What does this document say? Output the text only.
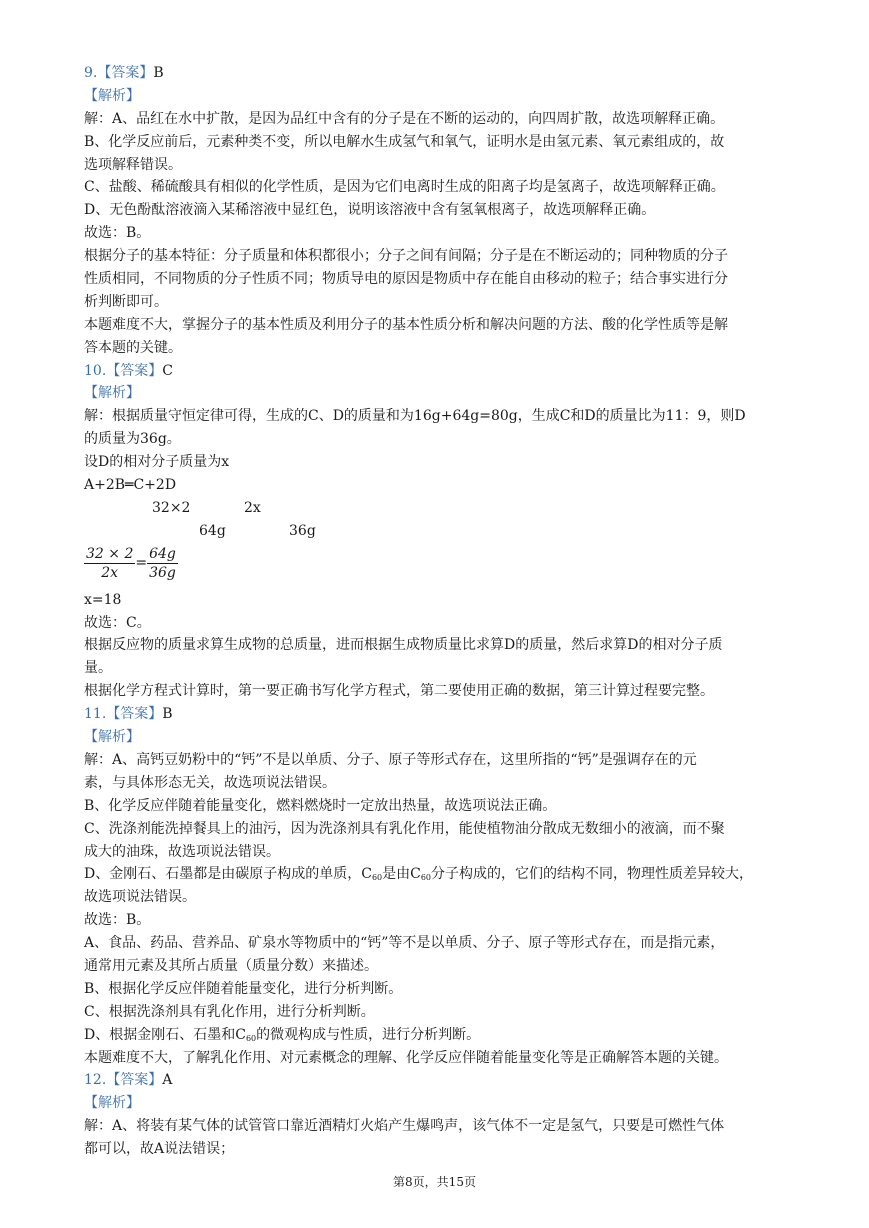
9.【答案】B
【解析】
解：A、品红在水中扩散，是因为品红中含有的分子是在不断的运动的，向四周扩散，故选项解释正确。
B、化学反应前后，元素种类不变，所以电解水生成氢气和氧气，证明水是由氢元素、氧元素组成的，故
选项解释错误。
C、盐酸、稀硫酸具有相似的化学性质，是因为它们电离时生成的阳离子均是氢离子，故选项解释正确。
D、无色酚酞溶液滴入某稀溶液中显红色，说明该溶液中含有氢氧根离子，故选项解释正确。
故选：B。
根据分子的基本特征：分子质量和体积都很小；分子之间有间隔；分子是在不断运动的；同种物质的分子
性质相同，不同物质的分子性质不同；物质导电的原因是物质中存在能自由移动的粒子；结合事实进行分
析判断即可。
本题难度不大，掌握分子的基本性质及利用分子的基本性质分析和解决问题的方法、酸的化学性质等是解
答本题的关键。
10.【答案】C
【解析】
解：根据质量守恒定律可得，生成的C、D的质量和为16g+64g=80g，生成C和D的质量比为11：9，则D
的质量为36g。
设D的相对分子质量为x
A+2B═C+2D
32×2	2x
64g	36g
$\frac{32 \times 2}{2x} = \frac{64g}{36g}$
x=18
故选：C。
根据反应物的质量求算生成物的总质量，进而根据生成物质量比求算D的质量，然后求算D的相对分子质
量。
根据化学方程式计算时，第一要正确书写化学方程式，第二要使用正确的数据，第三计算过程要完整。
11.【答案】B
【解析】
解：A、高钙豆奶粉中的“钙”不是以单质、分子、原子等形式存在，这里所指的“钙”是强调存在的元
素，与具体形态无关，故选项说法错误。
B、化学反应伴随着能量变化，燃料燃烧时一定放出热量，故选项说法正确。
C、洗涤剂能洗掉餐具上的油污，因为洗涤剂具有乳化作用，能使植物油分散成无数细小的液滴，而不聚
成大的油珠，故选项说法错误。
D、金刚石、石墨都是由碳原子构成的单质，$C_{60}$是由$C_{60}$分子构成的，它们的结构不同，物理性质差异较大，
故选项说法错误。
故选：B。
A、食品、药品、营养品、矿泉水等物质中的“钙”等不是以单质、分子、原子等形式存在，而是指元素，
通常用元素及其所占质量（质量分数）来描述。
B、根据化学反应伴随着能量变化，进行分析判断。
C、根据洗涤剂具有乳化作用，进行分析判断。
D、根据金刚石、石墨和$C_{60}$的微观构成与性质，进行分析判断。
本题难度不大，了解乳化作用、对元素概念的理解、化学反应伴随着能量变化等是正确解答本题的关键。
12.【答案】A
【解析】
解：A、将装有某气体的试管管口靠近酒精灯火焰产生爆鸣声，该气体不一定是氢气，只要是可燃性气体
都可以，故A说法错误；
第8页，共15页
